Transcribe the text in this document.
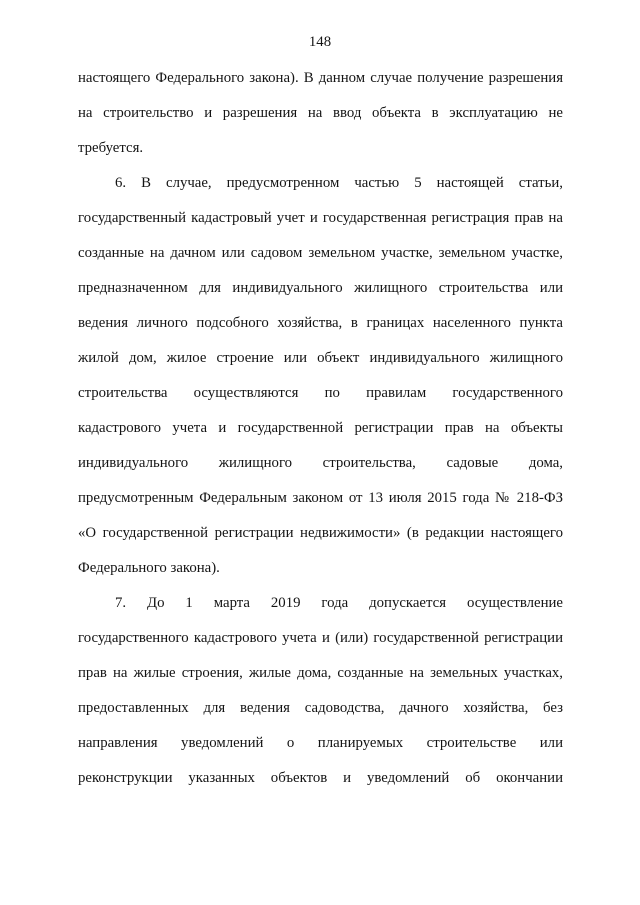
148
настоящего Федерального закона). В данном случае получение разрешения
на строительство и разрешения на ввод объекта в эксплуатацию не
требуется.
6. В случае, предусмотренном частью 5 настоящей статьи,
государственный кадастровый учет и государственная регистрация прав на
созданные на дачном или садовом земельном участке, земельном участке,
предназначенном для индивидуального жилищного строительства или
ведения личного подсобного хозяйства, в границах населенного пункта
жилой дом, жилое строение или объект индивидуального жилищного
строительства осуществляются по правилам государственного
кадастрового учета и государственной регистрации прав на объекты
индивидуального жилищного строительства, садовые дома,
предусмотренным Федеральным законом от 13 июля 2015 года № 218-ФЗ
«О государственной регистрации недвижимости» (в редакции настоящего
Федерального закона).
7. До 1 марта 2019 года допускается осуществление
государственного кадастрового учета и (или) государственной регистрации
прав на жилые строения, жилые дома, созданные на земельных участках,
предоставленных для ведения садоводства, дачного хозяйства, без
направления уведомлений о планируемых строительстве или
реконструкции указанных объектов и уведомлений об окончании
